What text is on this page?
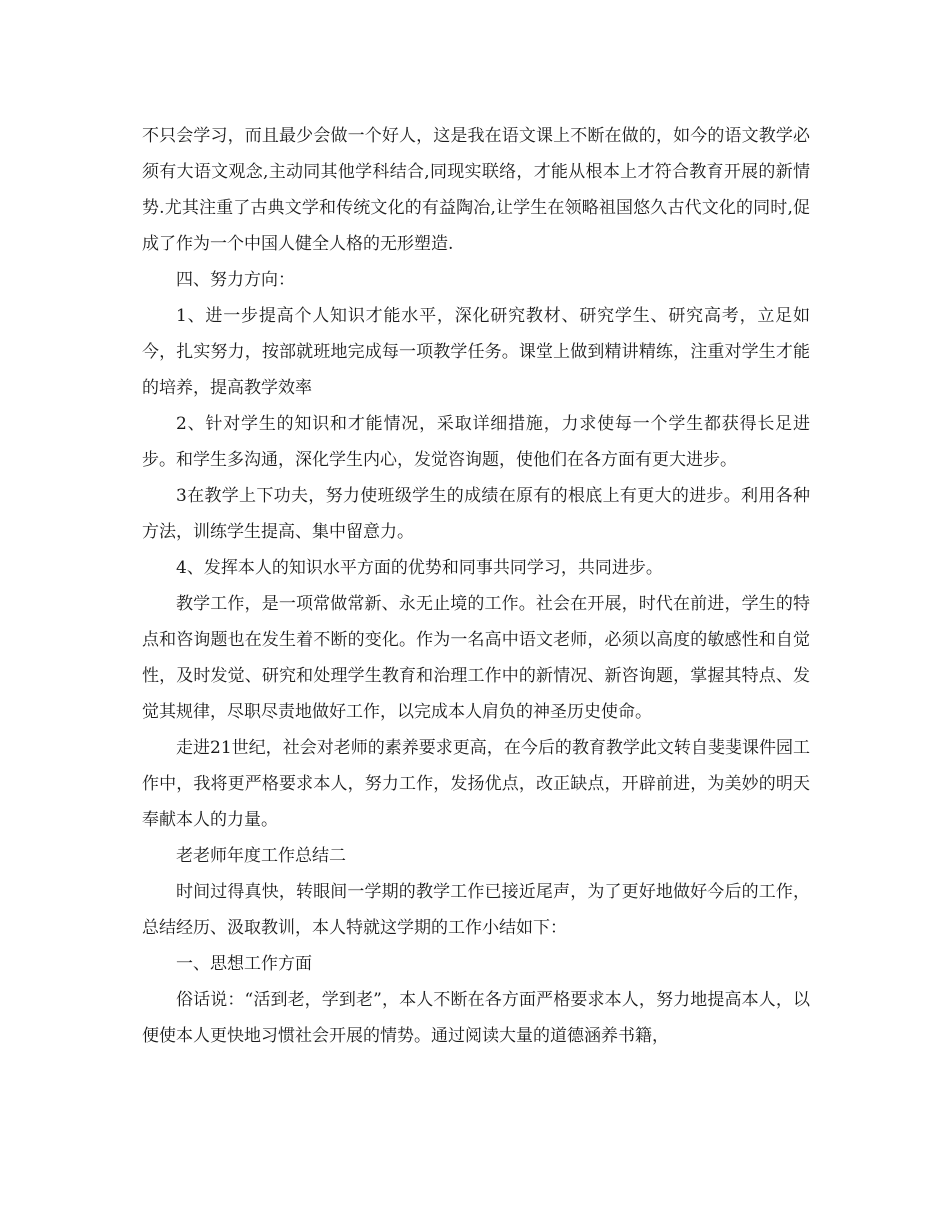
不只会学习，而且最少会做一个好人，这是我在语文课上不断在做的，如今的语文教学必须有大语文观念,主动同其他学科结合,同现实联络，才能从根本上才符合教育开展的新情势.尤其注重了古典文学和传统文化的有益陶冶,让学生在领略祖国悠久古代文化的同时,促成了作为一个中国人健全人格的无形塑造.

四、努力方向：

1、进一步提高个人知识才能水平，深化研究教材、研究学生、研究高考，立足如今，扎实努力，按部就班地完成每一项教学任务。课堂上做到精讲精练，注重对学生才能的培养，提高教学效率

2、针对学生的知识和才能情况，采取详细措施，力求使每一个学生都获得长足进步。和学生多沟通，深化学生内心，发觉咨询题，使他们在各方面有更大进步。

3在教学上下功夫，努力使班级学生的成绩在原有的根底上有更大的进步。利用各种方法，训练学生提高、集中留意力。

4、发挥本人的知识水平方面的优势和同事共同学习，共同进步。

教学工作，是一项常做常新、永无止境的工作。社会在开展，时代在前进，学生的特点和咨询题也在发生着不断的变化。作为一名高中语文老师，必须以高度的敏感性和自觉性，及时发觉、研究和处理学生教育和治理工作中的新情况、新咨询题，掌握其特点、发觉其规律，尽职尽责地做好工作，以完成本人肩负的神圣历史使命。

走进21世纪，社会对老师的素养要求更高，在今后的教育教学此文转自斐斐课件园工作中，我将更严格要求本人，努力工作，发扬优点，改正缺点，开辟前进，为美妙的明天奉献本人的力量。

老老师年度工作总结二

时间过得真快，转眼间一学期的教学工作已接近尾声，为了更好地做好今后的工作，总结经历、汲取教训，本人特就这学期的工作小结如下：

一、思想工作方面

俗话说：“活到老，学到老”，本人不断在各方面严格要求本人，努力地提高本人，以便使本人更快地习惯社会开展的情势。通过阅读大量的道德涵养书籍，
